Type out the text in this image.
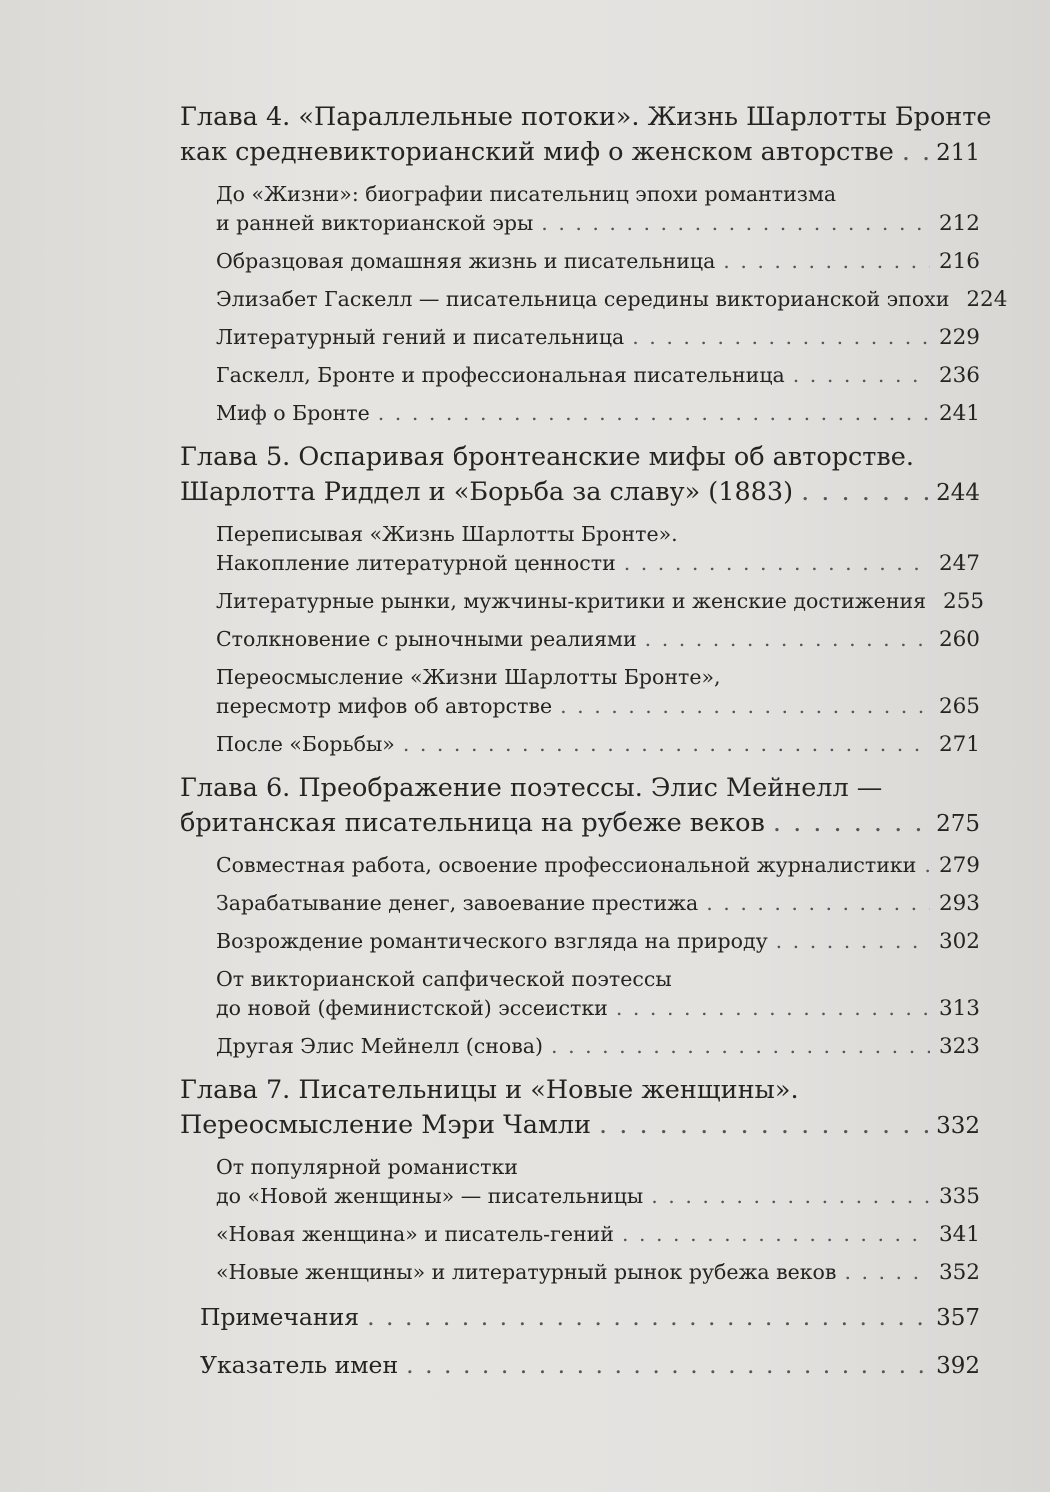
Глава 4. «Параллельные потоки». Жизнь Шарлотты Бронте
как средневикторианский миф о женском авторстве . . . 211
До «Жизни»: биографии писательниц эпохи романтизма
и ранней викторианской эры . . .	212
Образцовая домашняя жизнь и писательница . . .	216
Элизабет Гаскелл — писательница середины викторианской эпохи 224
Литературный гений и писательница . . .	229
Гаскелл, Бронте и профессиональная писательница . . .	236
Миф о Бронте . . .	241
Глава 5. Оспаривая бронтеанские мифы об авторстве.
Шарлотта Риддел и «Борьба за славу» (1883) . . .	244
Переписывая «Жизнь Шарлотты Бронте».
Накопление литературной ценности . . .	247
Литературные рынки, мужчины-критики и женские достижения 255
Столкновение с рыночными реалиями . . .	260
Переосмысление «Жизни Шарлотты Бронте»,
пересмотр мифов об авторстве . . .	265
После «Борьбы» . . .	271
Глава 6. Преображение поэтессы. Элис Мейнелл —
британская писательница на рубеже веков . . .	275
Совместная работа, освоение профессиональной журналистики . . . 279
Зарабатывание денег, завоевание престижа . . .	293
Возрождение романтического взгляда на природу . . .	302
От викторианской сапфической поэтессы
до новой (феминистской) эссеистки . . .	313
Другая Элис Мейнелл (снова) . . .	323
Глава 7. Писательницы и «Новые женщины».
Переосмысление Мэри Чамли . . .	332
От популярной романистки
до «Новой женщины» — писательницы . . .	335
«Новая женщина» и писатель-гений . . .	341
«Новые женщины» и литературный рынок рубежа веков . . .	352
Примечания . . .	357
Указатель имен . . .	392
